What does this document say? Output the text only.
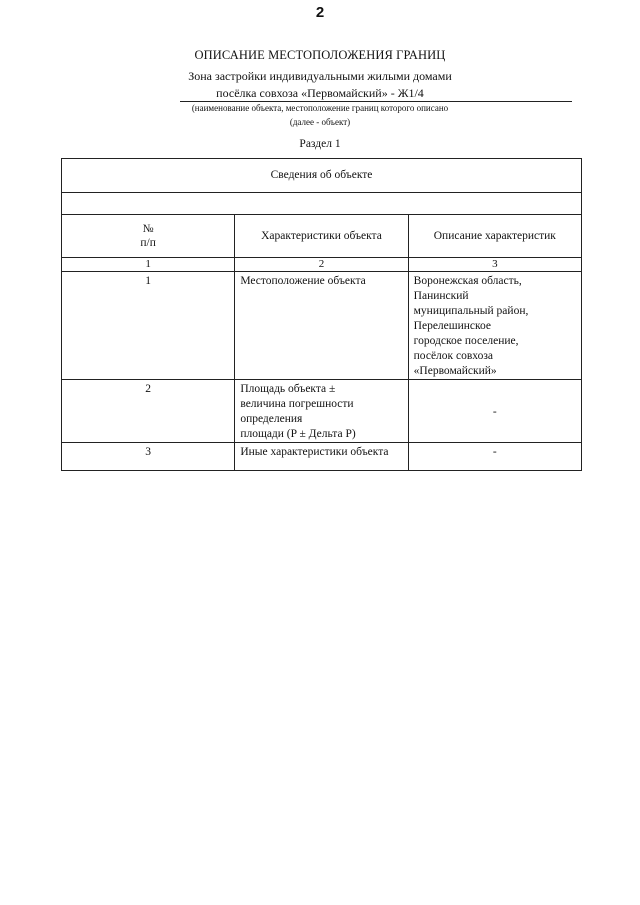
2
ОПИСАНИЕ МЕСТОПОЛОЖЕНИЯ ГРАНИЦ
Зона застройки индивидуальными жилыми домами
посёлка совхоза «Первомайский» - Ж1/4
(наименование объекта, местоположение границ которого описано
(далее - объект)
Раздел 1
Сведения об объекте		

№
п/п	Характеристики объекта	Описание характеристик
1	2	3
1	Местоположение объекта	Воронежская область, Панинский
муниципальный район, Перелешинское
городское поселение,
посёлок совхоза «Первомайский»

2	Площадь объекта ±
величина погрешности определения
площади (P ± Дельта P)	-
3	Иные характеристики объекта	-
